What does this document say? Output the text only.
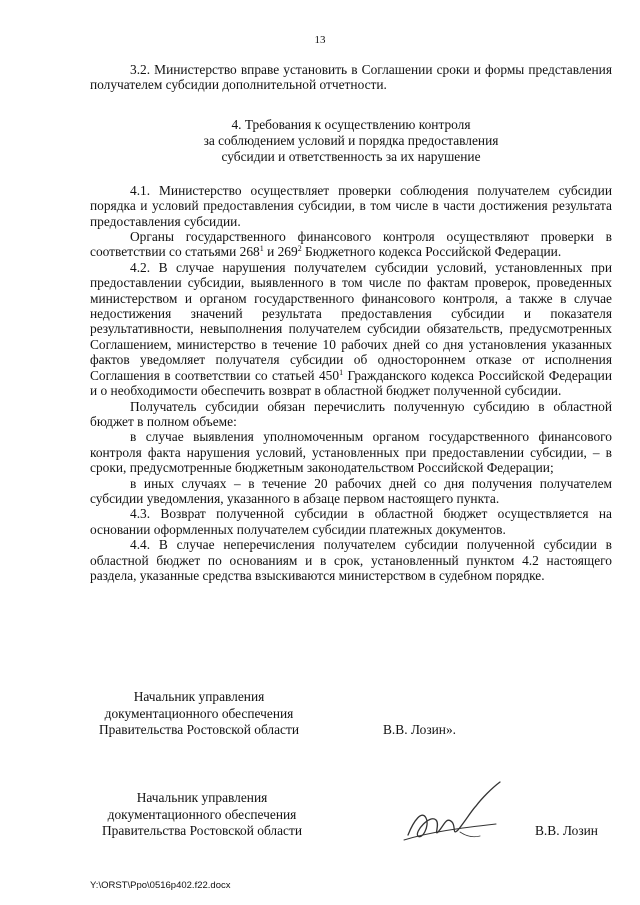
13

3.2. Министерство вправе установить в Соглашении сроки и формы представления получателем субсидии дополнительной отчетности.

4. Требования к осуществлению контроля
за соблюдением условий и порядка предоставления
субсидии и ответственность за их нарушение

4.1. Министерство осуществляет проверки соблюдения получателем субсидии порядка и условий предоставления субсидии, в том числе в части достижения результата предоставления субсидии.

Органы государственного финансового контроля осуществляют проверки в соответствии со статьями $268^1$ и $269^2$ Бюджетного кодекса Российской Федерации.

4.2. В случае нарушения получателем субсидии условий, установленных при предоставлении субсидии, выявленного в том числе по фактам проверок, проведенных министерством и органом государственного финансового контроля, а также в случае недостижения значений результата предоставления субсидии и показателя результативности, невыполнения получателем субсидии обязательств, предусмотренных Соглашением, министерство в течение 10 рабочих дней со дня установления указанных фактов уведомляет получателя субсидии об одностороннем отказе от исполнения Соглашения в соответствии со статьей $450^1$ Гражданского кодекса Российской Федерации и о необходимости обеспечить возврат в областной бюджет полученной субсидии.

Получатель субсидии обязан перечислить полученную субсидию в областной бюджет в полном объеме:

в случае выявления уполномоченным органом государственного финансового контроля факта нарушения условий, установленных при предоставлении субсидии, – в сроки, предусмотренные бюджетным законодательством Российской Федерации;

в иных случаях – в течение 20 рабочих дней со дня получения получателем субсидии уведомления, указанного в абзаце первом настоящего пункта.

4.3. Возврат полученной субсидии в областной бюджет осуществляется на основании оформленных получателем субсидии платежных документов.

4.4. В случае неперечисления получателем субсидии полученной субсидии в областной бюджет по основаниям и в срок, установленный пунктом 4.2 настоящего раздела, указанные средства взыскиваются министерством в судебном порядке.

Начальник управления
документационного обеспечения
Правительства Ростовской области	В.В. Лозин».
Начальник управления
документационного обеспечения
Правительства Ростовской области	В.В. Лозин
Y:\ORST\Ppo\0516p402.f22.docx
